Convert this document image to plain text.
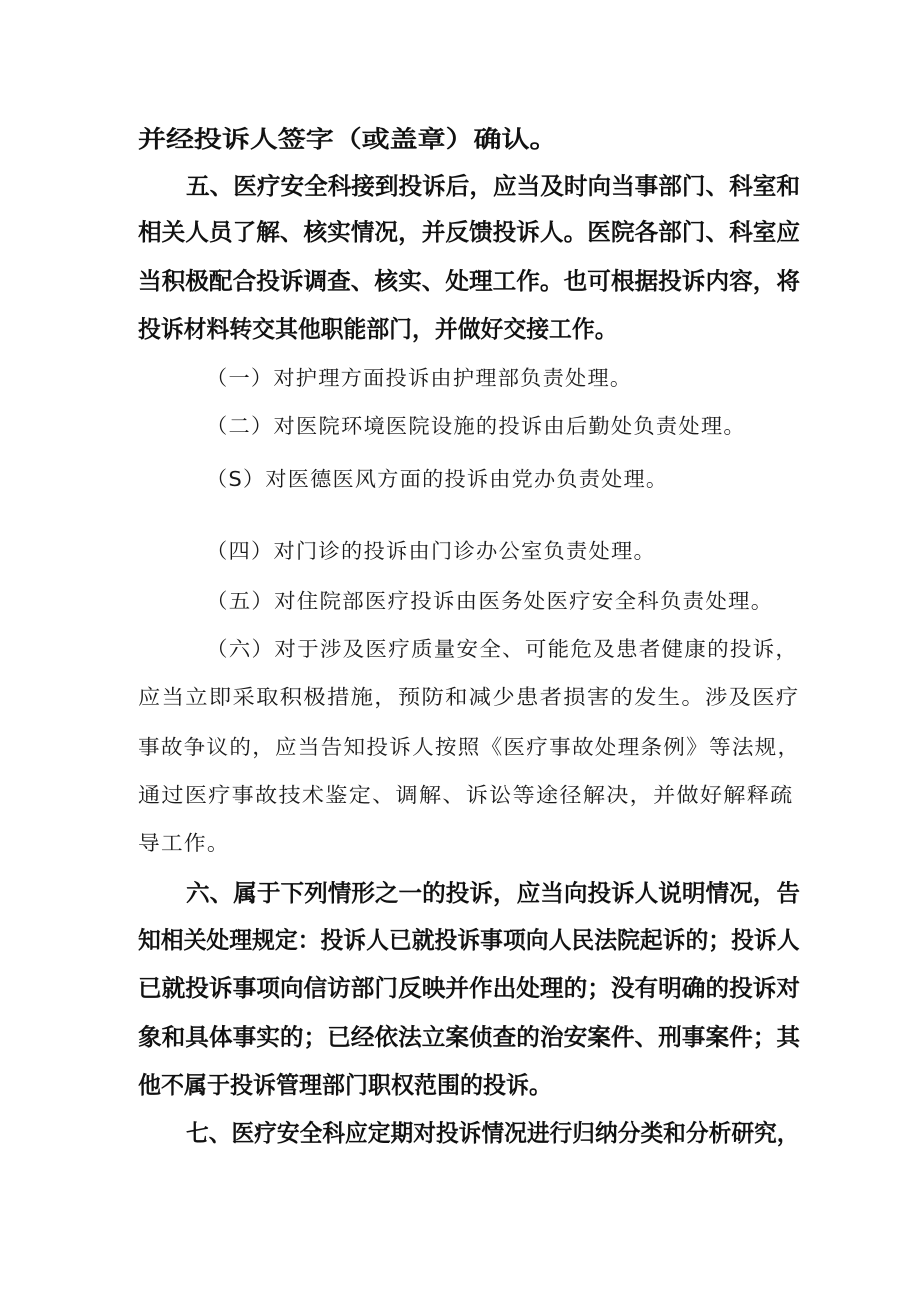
并经投诉人签字（或盖章）确认。
五、医疗安全科接到投诉后，应当及时向当事部门、科室和
相关人员了解、核实情况，并反馈投诉人。医院各部门、科室应
当积极配合投诉调查、核实、处理工作。也可根据投诉内容，将
投诉材料转交其他职能部门，并做好交接工作。
（一）对护理方面投诉由护理部负责处理。
（二）对医院环境医院设施的投诉由后勤处负责处理。
（S）对医德医风方面的投诉由党办负责处理。
（四）对门诊的投诉由门诊办公室负责处理。
（五）对住院部医疗投诉由医务处医疗安全科负责处理。
（六）对于涉及医疗质量安全、可能危及患者健康的投诉，
应当立即采取积极措施，预防和减少患者损害的发生。涉及医疗
事故争议的，应当告知投诉人按照《医疗事故处理条例》等法规，
通过医疗事故技术鉴定、调解、诉讼等途径解决，并做好解释疏
导工作。
六、属于下列情形之一的投诉，应当向投诉人说明情况，告
知相关处理规定：投诉人已就投诉事项向人民法院起诉的；投诉人
已就投诉事项向信访部门反映并作出处理的；没有明确的投诉对
象和具体事实的；已经依法立案侦查的治安案件、刑事案件；其
他不属于投诉管理部门职权范围的投诉。
七、医疗安全科应定期对投诉情况进行归纳分类和分析研究，
